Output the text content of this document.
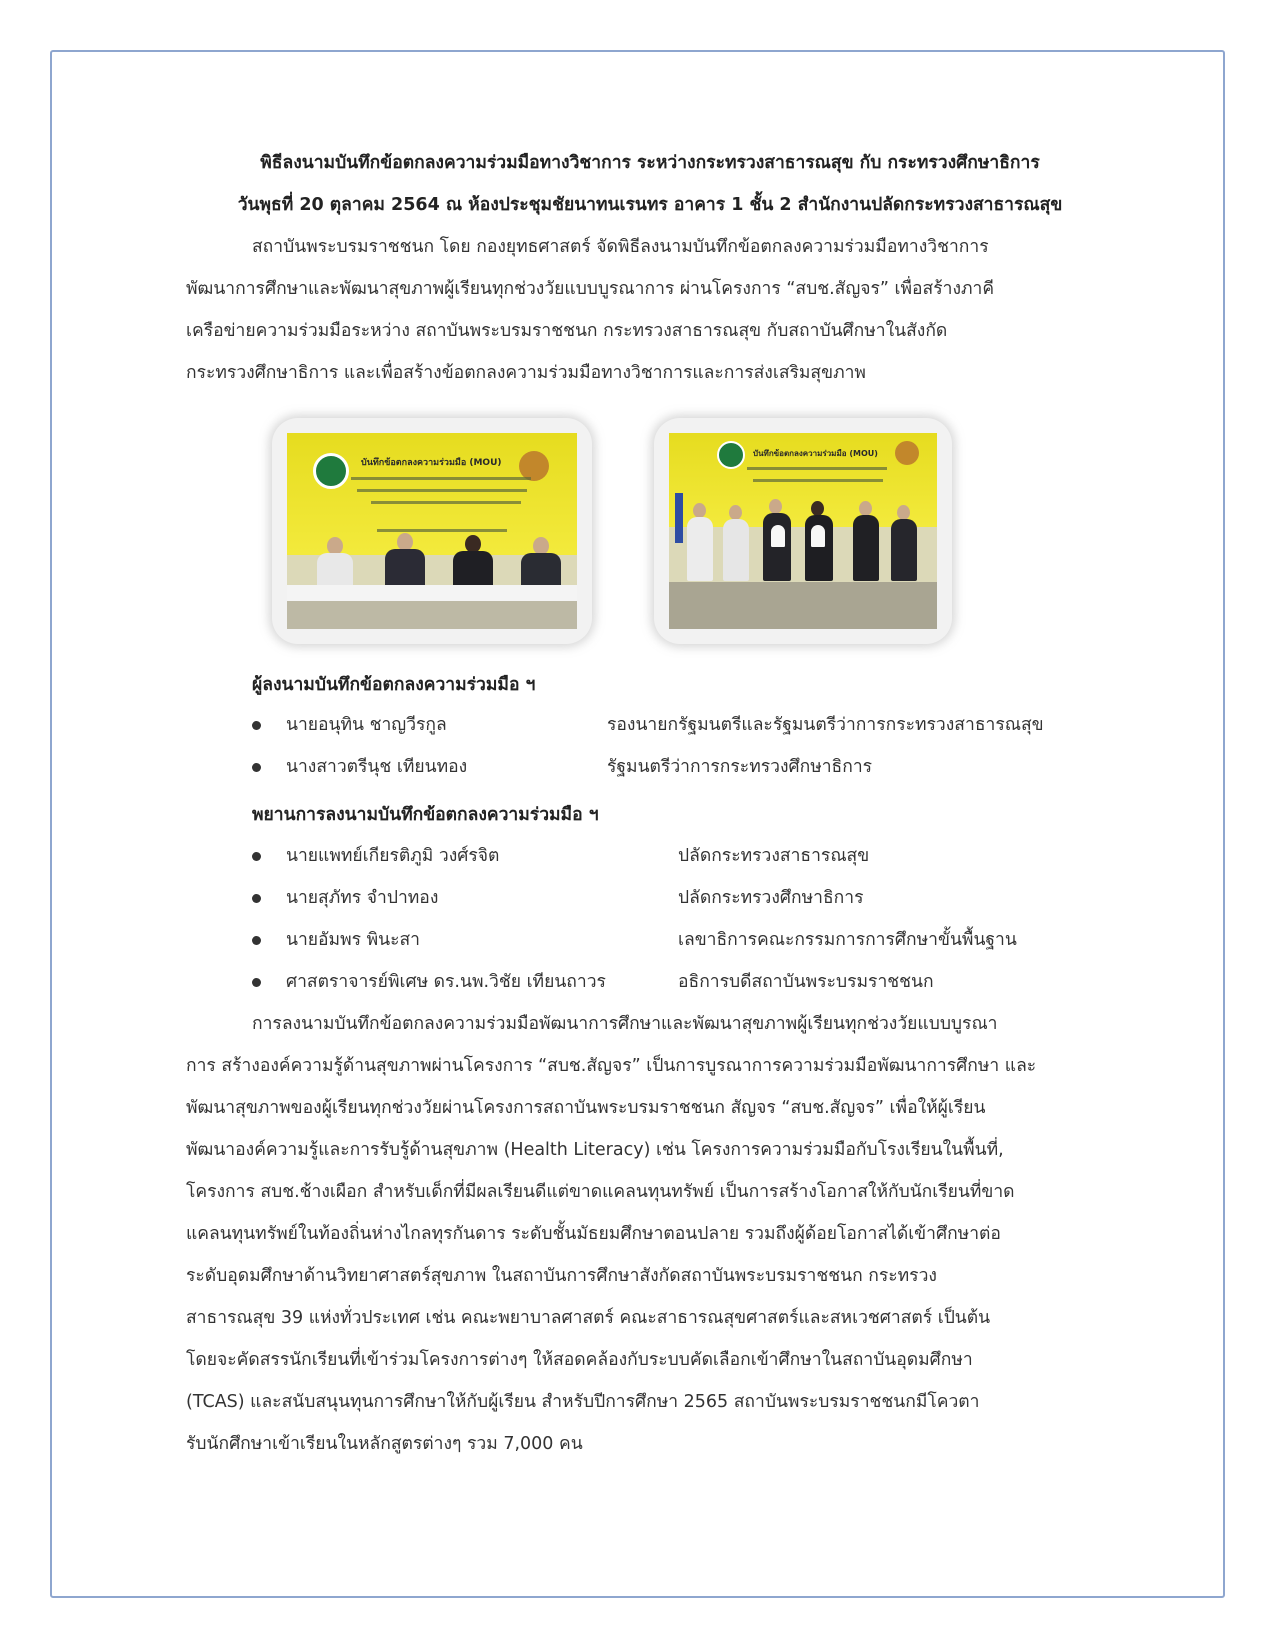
พิธีลงนามบันทึกข้อตกลงความร่วมมือทางวิชาการ ระหว่างกระทรวงสาธารณสุข กับ กระทรวงศึกษาธิการ
วันพุธที่ 20 ตุลาคม 2564 ณ ห้องประชุมชัยนาทนเรนทร อาคาร 1 ชั้น 2 สำนักงานปลัดกระทรวงสาธารณสุข
สถาบันพระบรมราชชนก โดย กองยุทธศาสตร์ จัดพิธีลงนามบันทึกข้อตกลงความร่วมมือทางวิชาการ
พัฒนาการศึกษาและพัฒนาสุขภาพผู้เรียนทุกช่วงวัยแบบบูรณาการ ผ่านโครงการ “สบช.สัญจร” เพื่อสร้างภาคี
เครือข่ายความร่วมมือระหว่าง สถาบันพระบรมราชชนก กระทรวงสาธารณสุข กับสถาบันศึกษาในสังกัด
กระทรวงศึกษาธิการ และเพื่อสร้างข้อตกลงความร่วมมือทางวิชาการและการส่งเสริมสุขภาพ
บันทึกข้อตกลงความร่วมมือ (MOU)
บันทึกข้อตกลงความร่วมมือ (MOU)
ผู้ลงนามบันทึกข้อตกลงความร่วมมือ ฯ
นายอนุทิน ชาญวีรกูล	รองนายกรัฐมนตรีและรัฐมนตรีว่าการกระทรวงสาธารณสุข
นางสาวตรีนุช เทียนทอง	รัฐมนตรีว่าการกระทรวงศึกษาธิการ
พยานการลงนามบันทึกข้อตกลงความร่วมมือ ฯ
นายแพทย์เกียรติภูมิ วงศ์รจิต	ปลัดกระทรวงสาธารณสุข
นายสุภัทร จำปาทอง	ปลัดกระทรวงศึกษาธิการ
นายอัมพร พินะสา	เลขาธิการคณะกรรมการการศึกษาขั้นพื้นฐาน
ศาสตราจารย์พิเศษ ดร.นพ.วิชัย เทียนถาวร	อธิการบดีสถาบันพระบรมราชชนก
การลงนามบันทึกข้อตกลงความร่วมมือพัฒนาการศึกษาและพัฒนาสุขภาพผู้เรียนทุกช่วงวัยแบบบูรณา
การ สร้างองค์ความรู้ด้านสุขภาพผ่านโครงการ “สบช.สัญจร” เป็นการบูรณาการความร่วมมือพัฒนาการศึกษา และ
พัฒนาสุขภาพของผู้เรียนทุกช่วงวัยผ่านโครงการสถาบันพระบรมราชชนก สัญจร “สบช.สัญจร” เพื่อให้ผู้เรียน
พัฒนาองค์ความรู้และการรับรู้ด้านสุขภาพ (Health Literacy) เช่น โครงการความร่วมมือกับโรงเรียนในพื้นที่,
โครงการ สบช.ช้างเผือก สำหรับเด็กที่มีผลเรียนดีแต่ขาดแคลนทุนทรัพย์ เป็นการสร้างโอกาสให้กับนักเรียนที่ขาด
แคลนทุนทรัพย์ในท้องถิ่นห่างไกลทุรกันดาร ระดับชั้นมัธยมศึกษาตอนปลาย รวมถึงผู้ด้อยโอกาสได้เข้าศึกษาต่อ
ระดับอุดมศึกษาด้านวิทยาศาสตร์สุขภาพ ในสถาบันการศึกษาสังกัดสถาบันพระบรมราชชนก กระทรวง
สาธารณสุข 39 แห่งทั่วประเทศ เช่น คณะพยาบาลศาสตร์ คณะสาธารณสุขศาสตร์และสหเวชศาสตร์ เป็นต้น
โดยจะคัดสรรนักเรียนที่เข้าร่วมโครงการต่างๆ ให้สอดคล้องกับระบบคัดเลือกเข้าศึกษาในสถาบันอุดมศึกษา
(TCAS) และสนับสนุนทุนการศึกษาให้กับผู้เรียน สำหรับปีการศึกษา 2565 สถาบันพระบรมราชชนกมีโควตา
รับนักศึกษาเข้าเรียนในหลักสูตรต่างๆ รวม 7,000 คน
